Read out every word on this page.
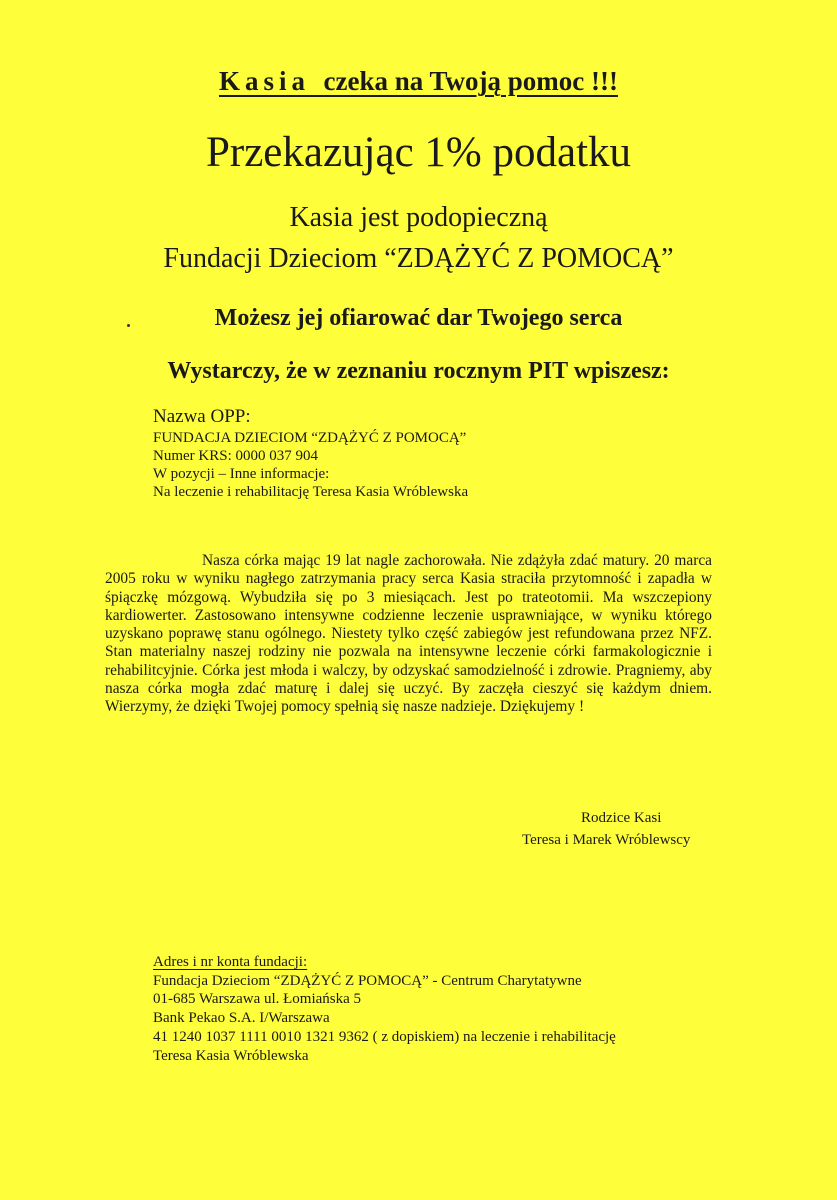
Kasia czeka na Twoją pomoc !!!
Przekazując 1% podatku
Kasia jest podopieczną
Fundacji Dzieciom “ZDĄŻYĆ Z POMOCĄ”
Możesz jej ofiarować dar Twojego serca
Wystarczy, że w zeznaniu rocznym PIT wpiszesz:
Nazwa OPP:
FUNDACJA DZIECIOM “ZDĄŻYĆ Z POMOCĄ”
Numer KRS: 0000 037 904
W pozycji – Inne informacje:
Na leczenie i rehabilitację Teresa Kasia Wróblewska
Nasza córka mając 19 lat nagle zachorowała. Nie zdążyła zdać matury. 20 marca 2005 roku w wyniku nagłego zatrzymania pracy serca Kasia straciła przytomność i zapadła w śpiączkę mózgową. Wybudziła się po 3 miesiącach. Jest po trateotomii. Ma wszczepiony kardiowerter. Zastosowano intensywne codzienne leczenie usprawniające, w wyniku którego uzyskano poprawę stanu ogólnego. Niestety tylko część zabiegów jest refundowana przez NFZ. Stan materialny naszej rodziny nie pozwala na intensywne leczenie córki farmakologicznie i rehabilitcyjnie. Córka jest młoda i walczy, by odzyskać samodzielność i zdrowie. Pragniemy, aby nasza córka mogła zdać maturę i dalej się uczyć. By zaczęła cieszyć się każdym dniem. Wierzymy, że dzięki Twojej pomocy spełnią się nasze nadzieje. Dziękujemy !
Rodzice Kasi
Teresa i Marek Wróblewscy
Adres i nr konta fundacji:
Fundacja Dzieciom “ZDĄŻYĆ Z POMOCĄ” - Centrum Charytatywne
01-685 Warszawa ul. Łomiańska 5
Bank Pekao S.A. I/Warszawa
41 1240 1037 1111 0010 1321 9362 ( z dopiskiem) na leczenie i rehabilitację
Teresa Kasia Wróblewska
